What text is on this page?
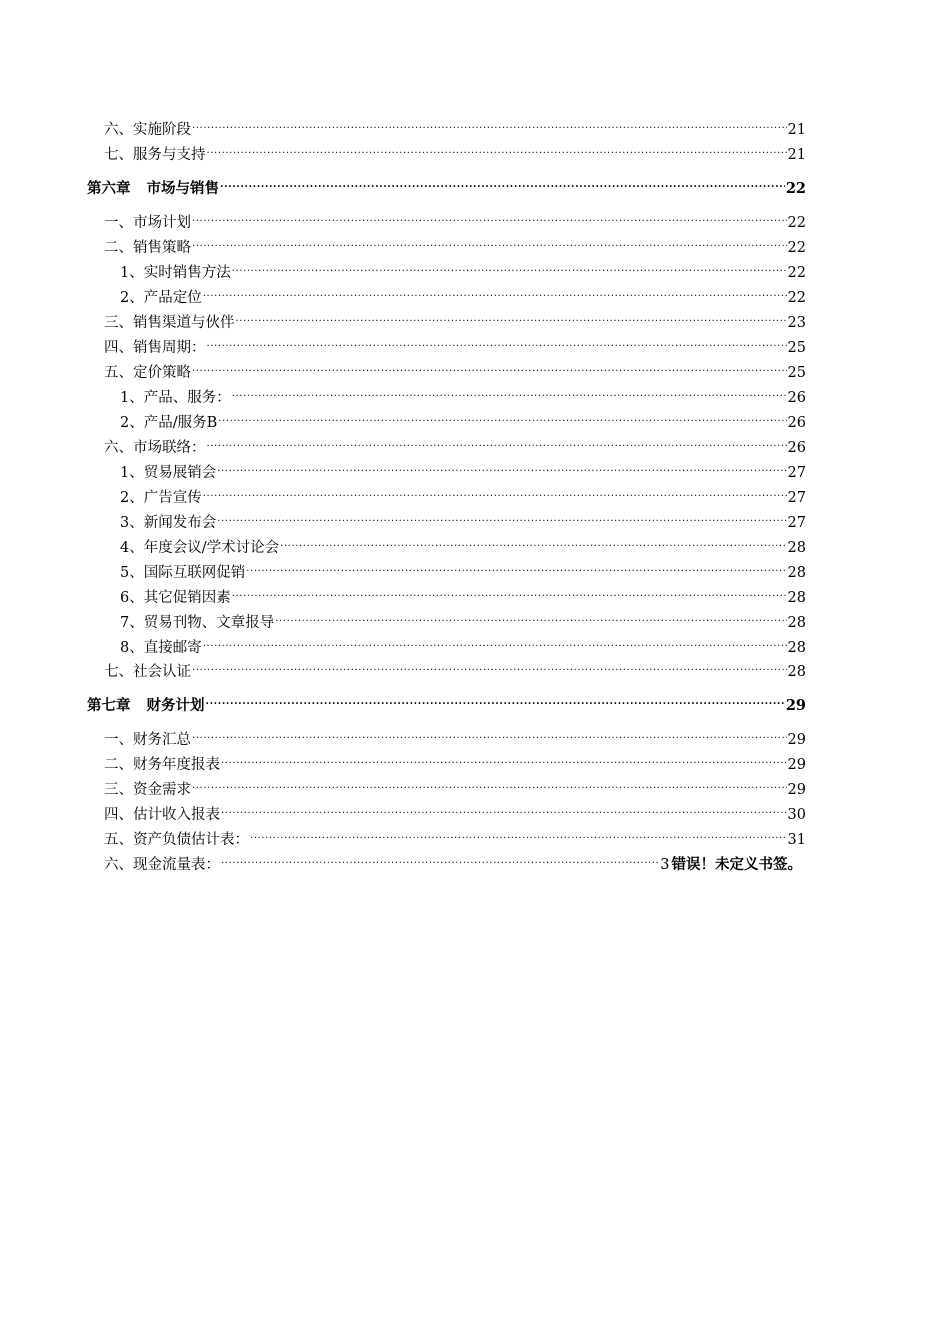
六、实施阶段 .....	21
七、服务与支持 .....	21
第六章 市场与销售 .....	22
一、市场计划 .....	22
二、销售策略 .....	22
1、实时销售方法 .....	22
2、产品定位 .....	22
三、销售渠道与伙伴 .....	23
四、销售周期： .....	25
五、定价策略 .....	25
1、产品、服务： .....	26
2、产品/服务B .....	26
六、市场联络： .....	26
1、贸易展销会 .....	27
2、广告宣传 .....	27
3、新闻发布会 .....	27
4、年度会议/学术讨论会 .....	28
5、国际互联网促销 .....	28
6、其它促销因素 .....	28
7、贸易刊物、文章报导 .....	28
8、直接邮寄 .....	28
七、社会认证 .....	28
第七章 财务计划 .....	29
一、财务汇总 .....	29
二、财务年度报表 .....	29
三、资金需求 .....	29
四、估计收入报表 .....	30
五、资产负债估计表： .....	31
六、现金流量表： .....	3 错误！未定义书签。
